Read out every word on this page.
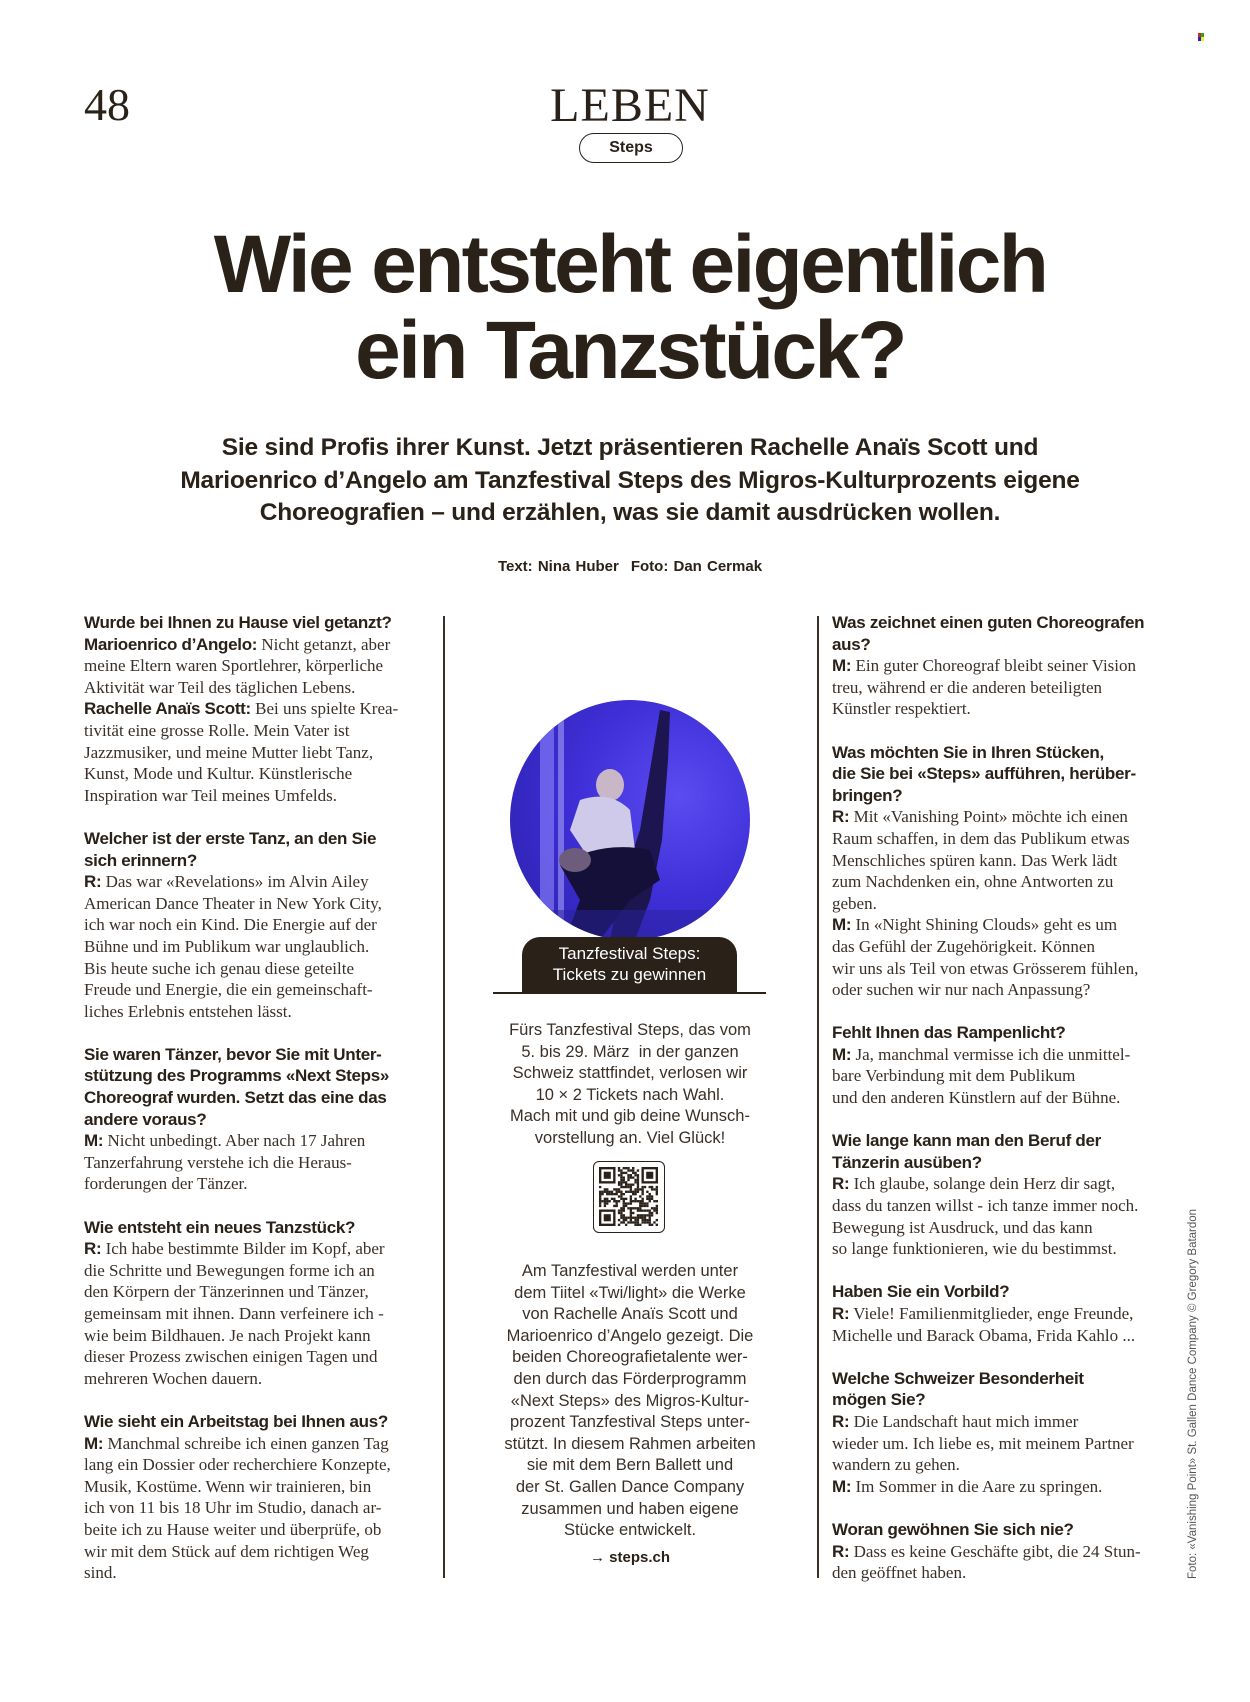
48	LEBEN
Steps
Wie entsteht eigentlich
ein Tanzstück?
Sie sind Profis ihrer Kunst. Jetzt präsentieren Rachelle Anaïs Scott und
Marioenrico d’Angelo am Tanzfestival Steps des Migros-Kulturprozents eigene
Choreografien – und erzählen, was sie damit ausdrücken wollen.
Text: Nina Huber Foto: Dan Cermak
Wurde bei Ihnen zu Hause viel getanzt?
Marioenrico d’Angelo: Nicht getanzt, aber
meine Eltern waren Sportlehrer, körperliche
Aktivität war Teil des täglichen Lebens.
Rachelle Anaïs Scott: Bei uns spielte Krea-
tivität eine grosse Rolle. Mein Vater ist
Jazzmusiker, und meine Mutter liebt Tanz,
Kunst, Mode und Kultur. Künstlerische
Inspiration war Teil meines Umfelds.
Welcher ist der erste Tanz, an den Sie
sich erinnern?
R: Das war «Revelations» im Alvin Ailey
American Dance Theater in New York City,
ich war noch ein Kind. Die Energie auf der
Bühne und im Publikum war unglaublich.
Bis heute suche ich genau diese geteilte
Freude und Energie, die ein gemeinschaft-
liches Erlebnis entstehen lässt.
Sie waren Tänzer, bevor Sie mit Unter-
stützung des Programms «Next Steps»
Choreograf wurden. Setzt das eine das
andere voraus?
M: Nicht unbedingt. Aber nach 17 Jahren
Tanzerfahrung verstehe ich die Heraus-
forderungen der Tänzer.
Wie entsteht ein neues Tanzstück?
R: Ich habe bestimmte Bilder im Kopf, aber
die Schritte und Bewegungen forme ich an
den Körpern der Tänzerinnen und Tänzer,
gemeinsam mit ihnen. Dann verfeinere ich -
wie beim Bildhauen. Je nach Projekt kann
dieser Prozess zwischen einigen Tagen und
mehreren Wochen dauern.
Wie sieht ein Arbeitstag bei Ihnen aus?
M: Manchmal schreibe ich einen ganzen Tag
lang ein Dossier oder recherchiere Konzepte,
Musik, Kostüme. Wenn wir trainieren, bin
ich von 11 bis 18 Uhr im Studio, danach ar-
beite ich zu Hause weiter und überprüfe, ob
wir mit dem Stück auf dem richtigen Weg
sind.
Was zeichnet einen guten Choreografen
aus?
M: Ein guter Choreograf bleibt seiner Vision
treu, während er die anderen beteiligten
Künstler respektiert.
Was möchten Sie in Ihren Stücken,
die Sie bei «Steps» aufführen, herüber-
bringen?
R: Mit «Vanishing Point» möchte ich einen
Raum schaffen, in dem das Publikum etwas
Menschliches spüren kann. Das Werk lädt
zum Nachdenken ein, ohne Antworten zu
geben.
M: In «Night Shining Clouds» geht es um
das Gefühl der Zugehörigkeit. Können
wir uns als Teil von etwas Grösserem fühlen,
oder suchen wir nur nach Anpassung?
Fehlt Ihnen das Rampenlicht?
M: Ja, manchmal vermisse ich die unmittel-
bare Verbindung mit dem Publikum
und den anderen Künstlern auf der Bühne.
Wie lange kann man den Beruf der
Tänzerin ausüben?
R: Ich glaube, solange dein Herz dir sagt,
dass du tanzen willst - ich tanze immer noch.
Bewegung ist Ausdruck, und das kann
so lange funktionieren, wie du bestimmst.
Haben Sie ein Vorbild?
R: Viele! Familienmitglieder, enge Freunde,
Michelle und Barack Obama, Frida Kahlo ...
Welche Schweizer Besonderheit
mögen Sie?
R: Die Landschaft haut mich immer
wieder um. Ich liebe es, mit meinem Partner
wandern zu gehen.
M: Im Sommer in die Aare zu springen.
Woran gewöhnen Sie sich nie?
R: Dass es keine Geschäfte gibt, die 24 Stun-
den geöffnet haben.
Tanzfestival Steps:
Tickets zu gewinnen
Fürs Tanzfestival Steps, das vom
5. bis 29. März  in der ganzen
Schweiz stattfindet, verlosen wir
10 × 2 Tickets nach Wahl.
Mach mit und gib deine Wunsch-
vorstellung an. Viel Glück!
Am Tanzfestival werden unter
dem Tiitel «Twi/light» die Werke
von Rachelle Anaïs Scott und
Marioenrico d’Angelo gezeigt. Die
beiden Choreografietalente wer-
den durch das Förderprogramm
«Next Steps» des Migros-Kultur-
prozent Tanzfestival Steps unter-
stützt. In diesem Rahmen arbeiten
sie mit dem Bern Ballett und
der St. Gallen Dance Company
zusammen und haben eigene
Stücke entwickelt.
→ steps.ch	Foto: «Vanishing Point» St. Gallen Dance Company © Gregory Batardon
